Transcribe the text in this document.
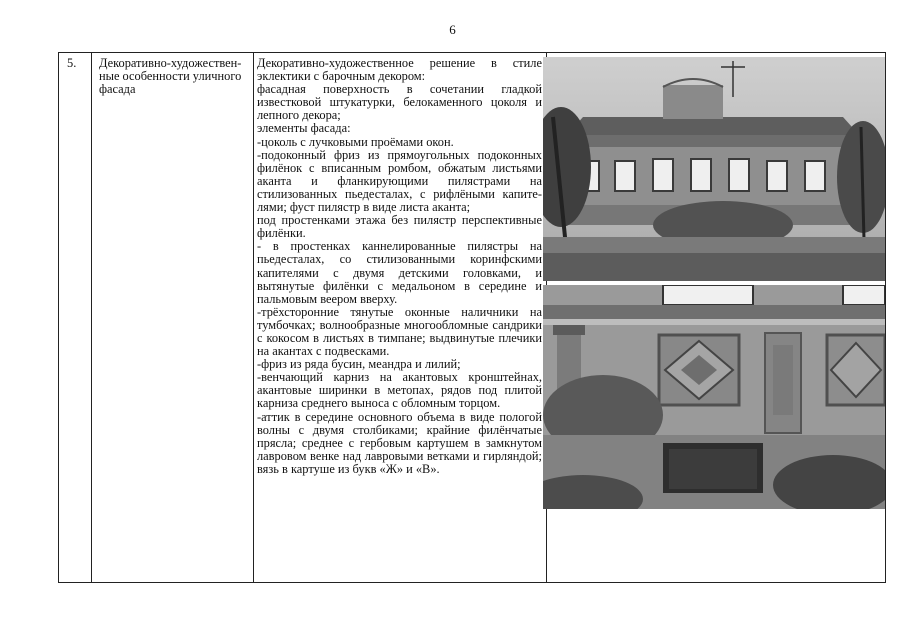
6
5. Декоративно-художествен-ные особенности уличного фасада

Декоративно-художественное решение в стиле эклектики с барочным декором:

фасадная поверхность в сочетании гладкой известковой штукатурки, белокаменного цоколя и лепного декора;

элементы фасада:

-цоколь с лучковыми проёмами окон.

-подоконный фриз из прямоугольных подоконных филёнок с вписанным ромбом, обжатым листьями аканта и фланкирующими пилястрами на стилизованных пьедесталах, с рифлёными капите-лями; фуст пилястр в виде листа аканта;

под простенками этажа без пилястр перспективные филёнки.

- в простенках каннелированные пилястры на пьедесталах, со стилизованными коринфскими капителями с двумя детскими головками, и вытянутые филёнки с медальоном в середине и пальмовым веером вверху.

-трёхсторонние тянутые оконные наличники на тумбочках; волнообразные многообломные сандрики с кокосом в листьях в тимпане; выдвинутые плечики на акантах с подвесками.

-фриз из ряда бусин, меандра и лилий;

-венчающий карниз на акантовых кронштейнах, акантовые ширинки в метопах, рядов под плитой карниза среднего выноса с обломным торцом.

-аттик в середине основного объема в виде пологой волны с двумя столбиками; крайние филёнчатые прясла; среднее с гербовым картушем в замкнутом лавровом венке над лавровыми ветками и гирляндой; вязь в картуше из букв «Ж» и «В».
